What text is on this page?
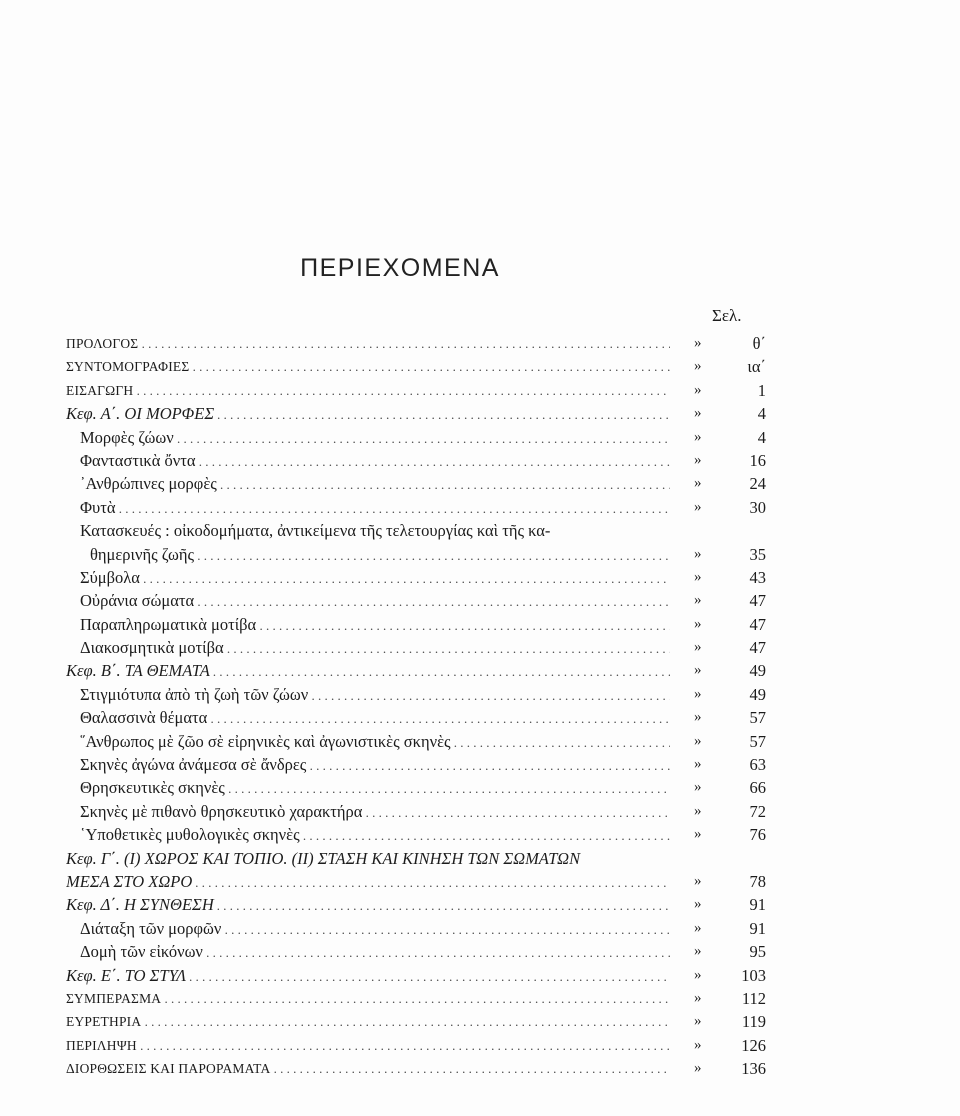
ΠΕΡΙΕΧΟΜΕΝΑ
Σελ.
ΠΡΟΛΟΓΟΣ . . .	»	θ΄
ΣΥΝΤΟΜΟΓΡΑΦΙΕΣ . . .	»	ια΄
ΕΙΣΑΓΩΓΗ . . .	»	1
Κεφ. Α΄. ΟΙ ΜΟΡΦΕΣ . . .	»	4
Μορφὲς ζώων . . .	»	4
Φανταστικὰ ὄντα . . .	»	16
᾽Ανθρώπινες μορφὲς . . .	»	24
Φυτὰ . . .	»	30
Κατασκευές : οἰκοδομήματα, ἀντικείμενα τῆς τελετουργίας καὶ τῆς κα-
θημερινῆς ζωῆς . . .	»	35
Σύμβολα . . .	»	43
Οὐράνια σώματα . . .	»	47
Παραπληρωματικὰ μοτίβα . . .	»	47
Διακοσμητικὰ μοτίβα . . .	»	47
Κεφ. Β΄. ΤΑ ΘΕΜΑΤΑ . . .	»	49
Στιγμιότυπα ἀπὸ τὴ ζωὴ τῶν ζώων . . .	»	49
Θαλασσινὰ θέματα . . .	»	57
῞Ανθρωπος μὲ ζῶο σὲ εἰρηνικὲς καὶ ἀγωνιστικὲς σκηνὲς . . .	»	57
Σκηνὲς ἀγώνα ἀνάμεσα σὲ ἄνδρες . . .	»	63
Θρησκευτικὲς σκηνὲς . . .	»	66
Σκηνὲς μὲ πιθανὸ θρησκευτικὸ χαρακτήρα . . .	»	72
῾Υποθετικὲς μυθολογικὲς σκηνὲς . . .	»	76
Κεφ. Γ΄. (I) ΧΩΡΟΣ ΚΑΙ ΤΟΠΙΟ. (II) ΣΤΑΣΗ ΚΑΙ ΚΙΝΗΣΗ ΤΩΝ ΣΩΜΑΤΩΝ
ΜΕΣΑ ΣΤΟ ΧΩΡΟ . . .	»	78
Κεφ. Δ΄. Η ΣΥΝΘΕΣΗ . . .	»	91
Διάταξη τῶν μορφῶν . . .	»	91
Δομὴ τῶν εἰκόνων . . .	»	95
Κεφ. Ε΄. ΤΟ ΣΤΥΛ . . .	»	103
ΣΥΜΠΕΡΑΣΜΑ . . .	»	112
ΕΥΡΕΤΗΡΙΑ . . .	»	119
ΠΕΡΙΛΗΨΗ . . .	»	126
ΔΙΟΡΘΩΣΕΙΣ ΚΑΙ ΠΑΡΟΡΑΜΑΤΑ . . .	»	136
